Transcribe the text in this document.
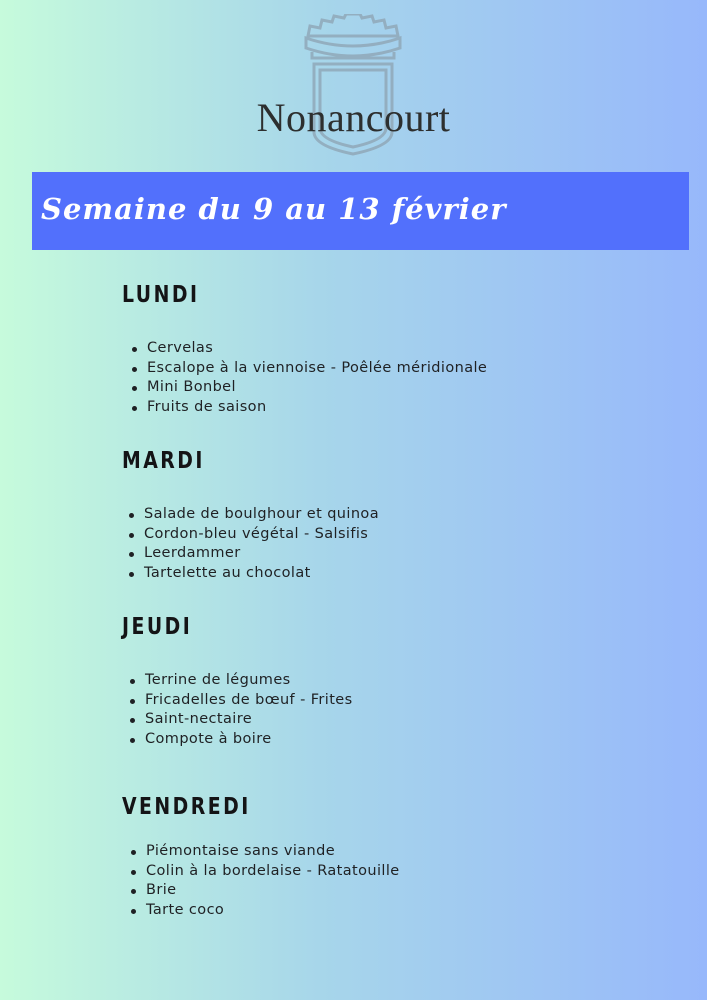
Nonancourt
Semaine du 9 au 13 février
LUNDI
Cervelas
Escalope à la viennoise - Poêlée méridionale
Mini Bonbel
Fruits de saison
MARDI
Salade de boulghour et quinoa
Cordon-bleu végétal - Salsifis
Leerdammer
Tartelette au chocolat
JEUDI
Terrine de légumes
Fricadelles de bœuf - Frites
Saint-nectaire
Compote à boire
VENDREDI
Piémontaise sans viande
Colin à la bordelaise - Ratatouille
Brie
Tarte coco
